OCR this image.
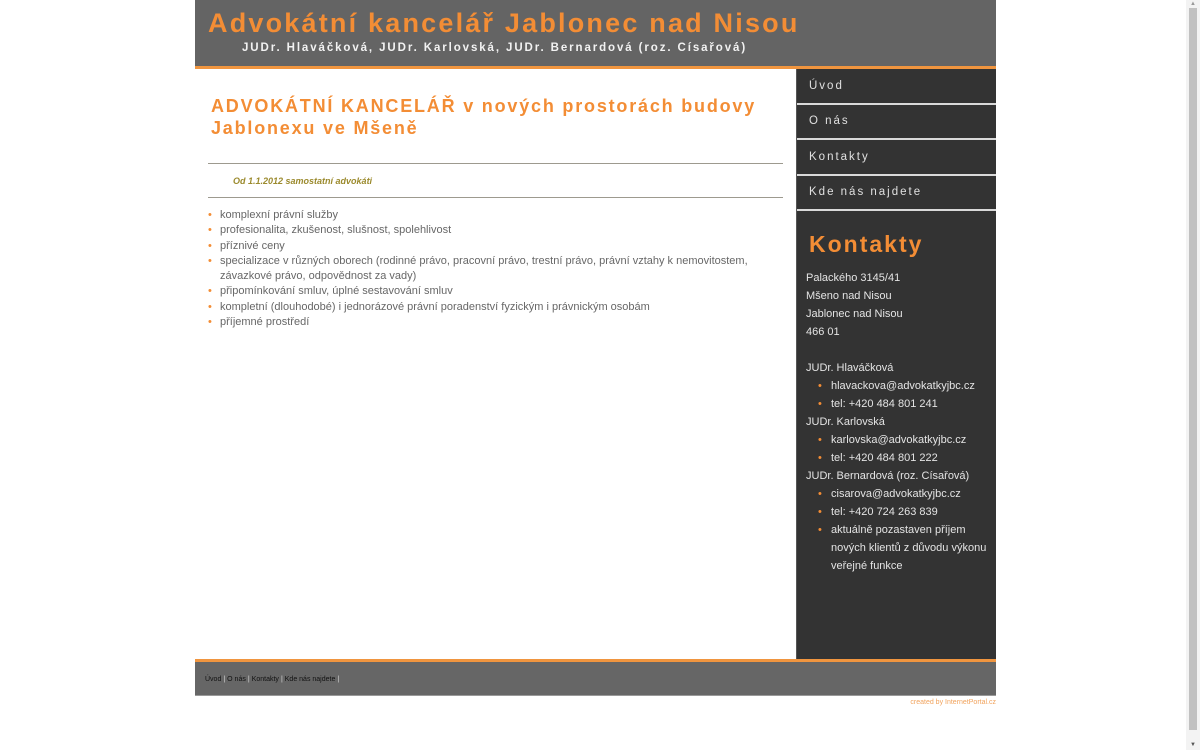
Advokátní kancelář Jablonec nad Nisou
JUDr. Hlaváčková, JUDr. Karlovská, JUDr. Bernardová (roz. Císařová)
ADVOKÁTNÍ KANCELÁŘ v nových prostorách budovy Jablonexu ve Mšeně
Od 1.1.2012 samostatní advokáti
• komplexní právní služby
• profesionalita, zkušenost, slušnost, spolehlivost
• příznivé ceny
• specializace v různých oborech (rodinné právo, pracovní právo, trestní právo, právní vztahy k nemovitostem, závazkové právo, odpovědnost za vady)
• připomínkování smluv, úplné sestavování smluv
• kompletní (dlouhodobé) i jednorázové právní poradenství fyzickým i právnickým osobám
• příjemné prostředí
Úvod
O nás
Kontakty
Kde nás najdete
Kontakty
Palackého 3145/41
Mšeno nad Nisou
Jablonec nad Nisou
466 01
JUDr. Hlaváčková
• hlavackova@advokatkyjbc.cz
• tel: +420 484 801 241
JUDr. Karlovská
• karlovska@advokatkyjbc.cz
• tel: +420 484 801 222
JUDr. Bernardová (roz. Císařová)
• cisarova@advokatkyjbc.cz
• tel: +420 724 263 839
• aktuálně pozastaven příjem nových klientů z důvodu výkonu veřejné funkce
Úvod | O nás | Kontakty | Kde nás najdete |
created by InternetPortal.cz
▲
▼
